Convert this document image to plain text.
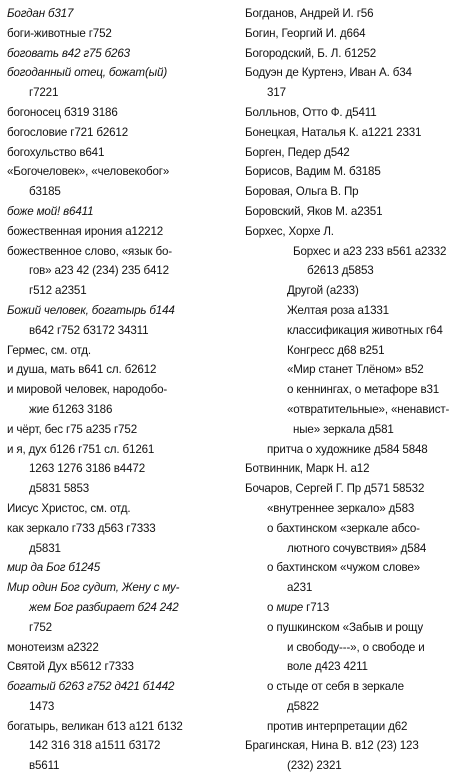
Богдан б317
боги-животные г752
боговать в42 г75 б263
богоданный отец, божат(ый)
г7221
богоносец б319 3186
богословие г721 б2612
богохульство в641
«Богочеловек», «человекобог»
б3185
боже мой! в6411
божественная ирония а12212
божественное слово, «язык бо-
гов» а23 42 (234) 235 б412
г512 а2351
Божий человек, богатырь б144
в642 г752 б3172 34311
Гермес, см. отд.
и душа, мать в641 сл. б2612
и мировой человек, народобо-
жие б1263 3186
и чёрт, бес г75 а235 г752
и я, дух б126 г751 сл. б1261
1263 1276 3186 в4472
д5831 5853
Иисус Христос, см. отд.
как зеркало г733 д563 г7333
д5831
мир да Бог б1245
Мир один Бог судит, Жену с му-
жем Бог разбирает б24 242
г752
монотеизм а2322
Святой Дух в5612 г7333
богатый б263 г752 д421 б1442
1473
богатырь, великан б13 а121 б132
142 316 318 а1511 б3172
в5611
Богданов, Андрей И. г56
Богин, Георгий И. д664
Богородский, Б. Л. б1252
Бодуэн де Куртенэ, Иван А. б34
317
Болльнов, Отто Ф. д5411
Бонецкая, Наталья К. а1221 2331
Борген, Педер д542
Борисов, Вадим М. б3185
Боровая, Ольга В. Пр
Боровский, Яков М. а2351
Борхес, Хорхе Л.
Борхес и а23 233 в561 а2332
б2613 д5853
Другой (а233)
Желтая роза а1331
классификация животных г64
Конгресс д68 в251
«Мир станет Тлёном» в52
о кеннингах, о метафоре в31
«отвратительные», «ненавист-
ные» зеркала д581
притча о художнике д584 5848
Ботвинник, Марк Н. а12
Бочаров, Сергей Г. Пр д571 58532
«внутреннее зеркало» д583
о бахтинском «зеркале абсо-
лютного сочувствия» д584
о бахтинском «чужом слове»
а231
о мире г713
о пушкинском «Забыв и рощу
и свободу---», о свободе и
воле д423 4211
о стыде от себя в зеркале
д5822
против интерпретации д62
Брагинская, Нина В. в12 (23) 123
(232) 2321
